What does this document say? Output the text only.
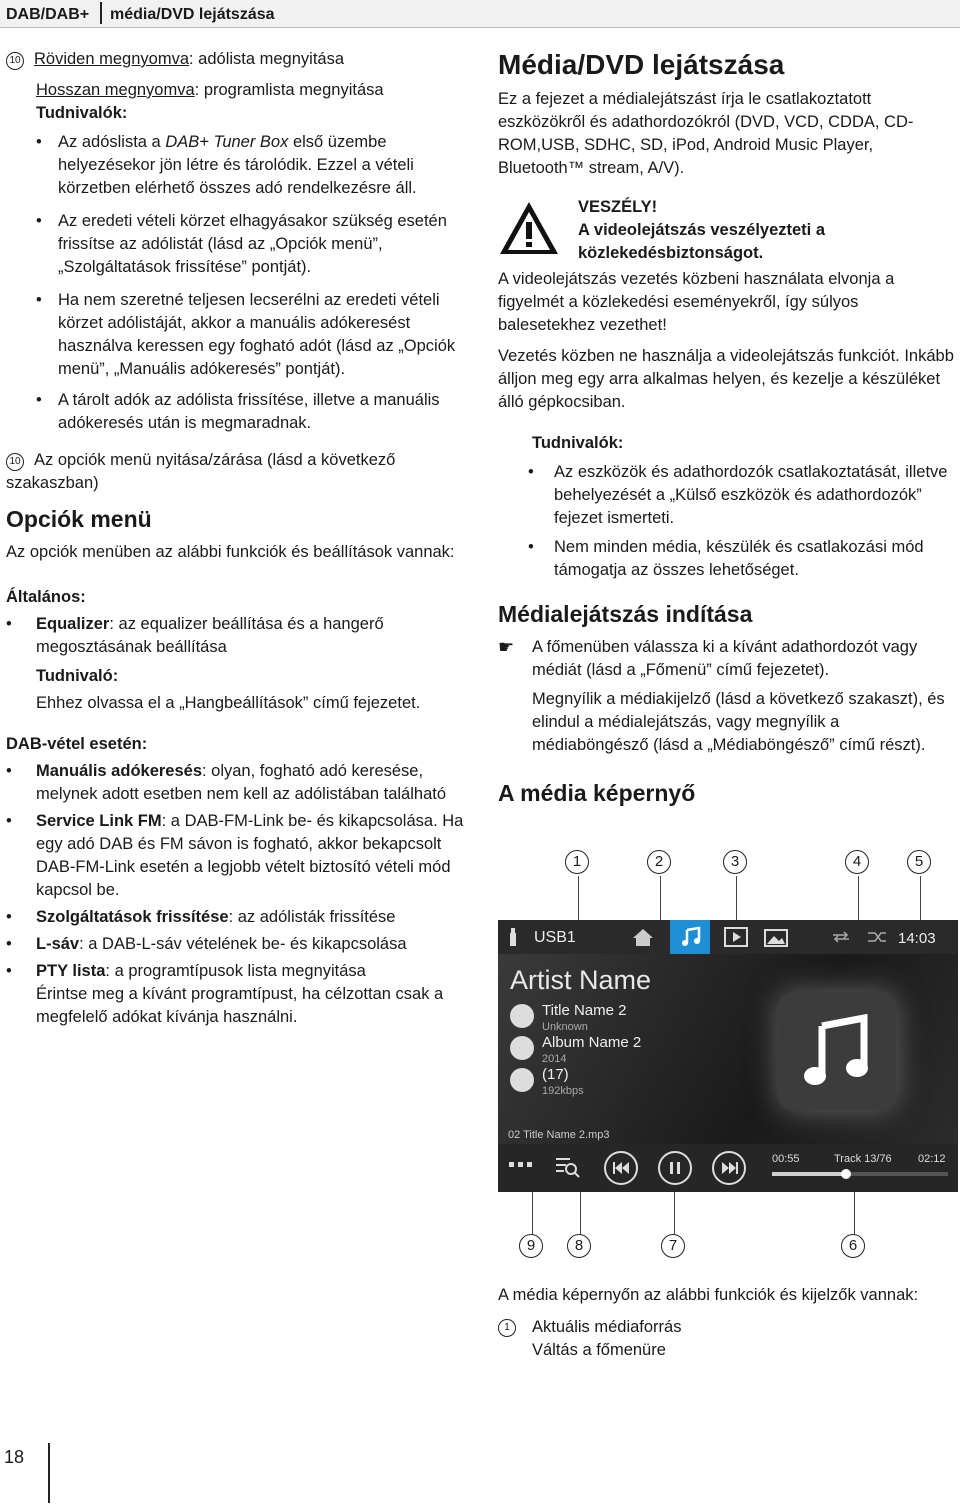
DAB/DAB+ média/DVD lejátszása

10 Röviden megnyomva: adólista megnyitása

Hosszan megnyomva: programlista megnyitása

Tudnivalók:

• Az adóslista a DAB+ Tuner Box első üzembe helyezésekor jön létre és tárolódik. Ezzel a vételi körzetben elérhető összes adó rendelkezésre áll.
• Az eredeti vételi körzet elhagyásakor szükség esetén frissítse az adólistát (lásd az „Opciók menü”, „Szolgáltatások frissítése” pontját).
• Ha nem szeretné teljesen lecserélni az eredeti vételi körzet adólistáját, akkor a manuális adókeresést használva keressen egy fogható adót (lásd az „Opciók menü”, „Manuális adókeresés” pontját).
• A tárolt adók az adólista frissítése, illetve a manuális adókeresés után is megmaradnak.

10 Az opciók menü nyitása/zárása (lásd a következő szakaszban)

Opciók menü

Az opciók menüben az alábbi funkciók és beállítások vannak:

Általános:

• Equalizer: az equalizer beállítása és a hangerő megosztásának beállítása

Tudnivaló:

Ehhez olvassa el a „Hangbeállítások” című fejezetet.

DAB-vétel esetén:

• Manuális adókeresés: olyan, fogható adó keresése, melynek adott esetben nem kell az adólistában található
• Service Link FM: a DAB-FM-Link be- és kikapcsolása. Ha egy adó DAB és FM sávon is fogható, akkor bekapcsolt DAB-FM-Link esetén a legjobb vételt biztosító vételi mód kapcsol be.
• Szolgáltatások frissítése: az adólisták frissítése
• L-sáv: a DAB-L-sáv vételének be- és kikapcsolása
• PTY lista: a programtípusok lista megnyitása

Érintse meg a kívánt programtípust, ha célzottan csak a megfelelő adókat kívánja használni.

Média/DVD lejátszása

Ez a fejezet a médialejátszást írja le csatlakoztatott eszközökről és adathordozókról (DVD, VCD, CDDA, CD-ROM,USB, SDHC, SD, iPod, Android Music Player, Bluetooth™ stream, A/V).

VESZÉLY!
A videolejátszás veszélyezteti a közlekedésbiztonságot.

A videolejátszás vezetés közbeni használata elvonja a figyelmét a közlekedési eseményekről, így súlyos balesetekhez vezethet!

Vezetés közben ne használja a videolejátszás funkciót. Inkább álljon meg egy arra alkalmas helyen, és kezelje a készüléket álló gépkocsiban.

Tudnivalók:

• Az eszközök és adathordozók csatlakoztatását, illetve behelyezését a „Külső eszközök és adathordozók” fejezet ismerteti.
• Nem minden média, készülék és csatlakozási mód támogatja az összes lehetőséget.
Médialejátszás indítása
☛ A főmenüben válassza ki a kívánt adathordozót vagy médiát (lásd a „Főmenü” című fejezetet).

Megnyílik a médiakijelző (lásd a következő szakaszt), és elindul a médialejátszás, vagy megnyílik a médiaböngésző (lásd a „Médiaböngésző” című részt).

A média képernyő
1	2	3	4	5
USB1	14:03
Artist Name
Title Name 2
Unknown
Album Name 2
2014
(17)
192kbps
02 Title Name 2.mp3
00:55	Track 13/76 02:12
9	8	7	6

A média képernyőn az alábbi funkciók és kijelzők vannak:

1	Aktuális médiaforrás
Váltás a főmenüre
18
